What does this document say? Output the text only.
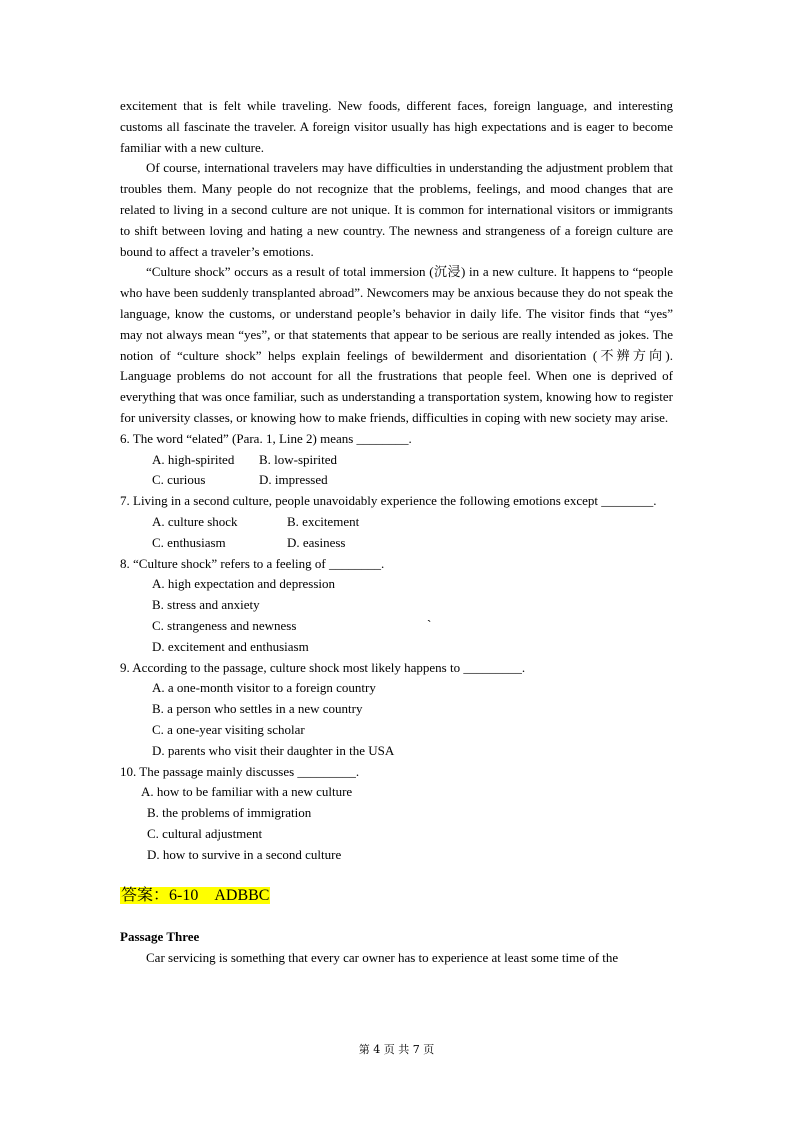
excitement that is felt while traveling. New foods, different faces, foreign language, and interesting customs all fascinate the traveler. A foreign visitor usually has high expectations and is eager to become familiar with a new culture.

Of course, international travelers may have difficulties in understanding the adjustment problem that troubles them. Many people do not recognize that the problems, feelings, and mood changes that are related to living in a second culture are not unique. It is common for international visitors or immigrants to shift between loving and hating a new country. The newness and strangeness of a foreign culture are bound to affect a traveler’s emotions.

“Culture shock” occurs as a result of total immersion (沉浸) in a new culture. It happens to “people who have been suddenly transplanted abroad”. Newcomers may be anxious because they do not speak the language, know the customs, or understand people’s behavior in daily life. The visitor finds that “yes” may not always mean “yes”, or that statements that appear to be serious are really intended as jokes. The notion of “culture shock” helps explain feelings of bewilderment and disorientation (不辨方向). Language problems do not account for all the frustrations that people feel. When one is deprived of everything that was once familiar, such as understanding a transportation system, knowing how to register for university classes, or knowing how to make friends, difficulties in coping with new society may arise.

6. The word “elated” (Para. 1, Line 2) means ________.

A. high-spirited B. low-spirited

C. curious	D. impressed

7. Living in a second culture, people unavoidably experience the following emotions except ________.

A. culture shock	B. excitement

C. enthusiasm	D. easiness

8. “Culture shock” refers to a feeling of ________.

A. high expectation and depression

B. stress and anxiety

C. strangeness and newness

D. excitement and enthusiasm

9. According to the passage, culture shock most likely happens to _________.

A. a one-month visitor to a foreign country

B. a person who settles in a new country

C. a one-year visiting scholar

D. parents who visit their daughter in the USA

10. The passage mainly discusses _________.

A. how to be familiar with a new culture

B. the problems of immigration

C. cultural adjustment

D. how to survive in a second culture

答案：6-10　ADBBC

Passage Three

Car servicing is something that every car owner has to experience at least some time of the

`
第 4 页 共 7 页
